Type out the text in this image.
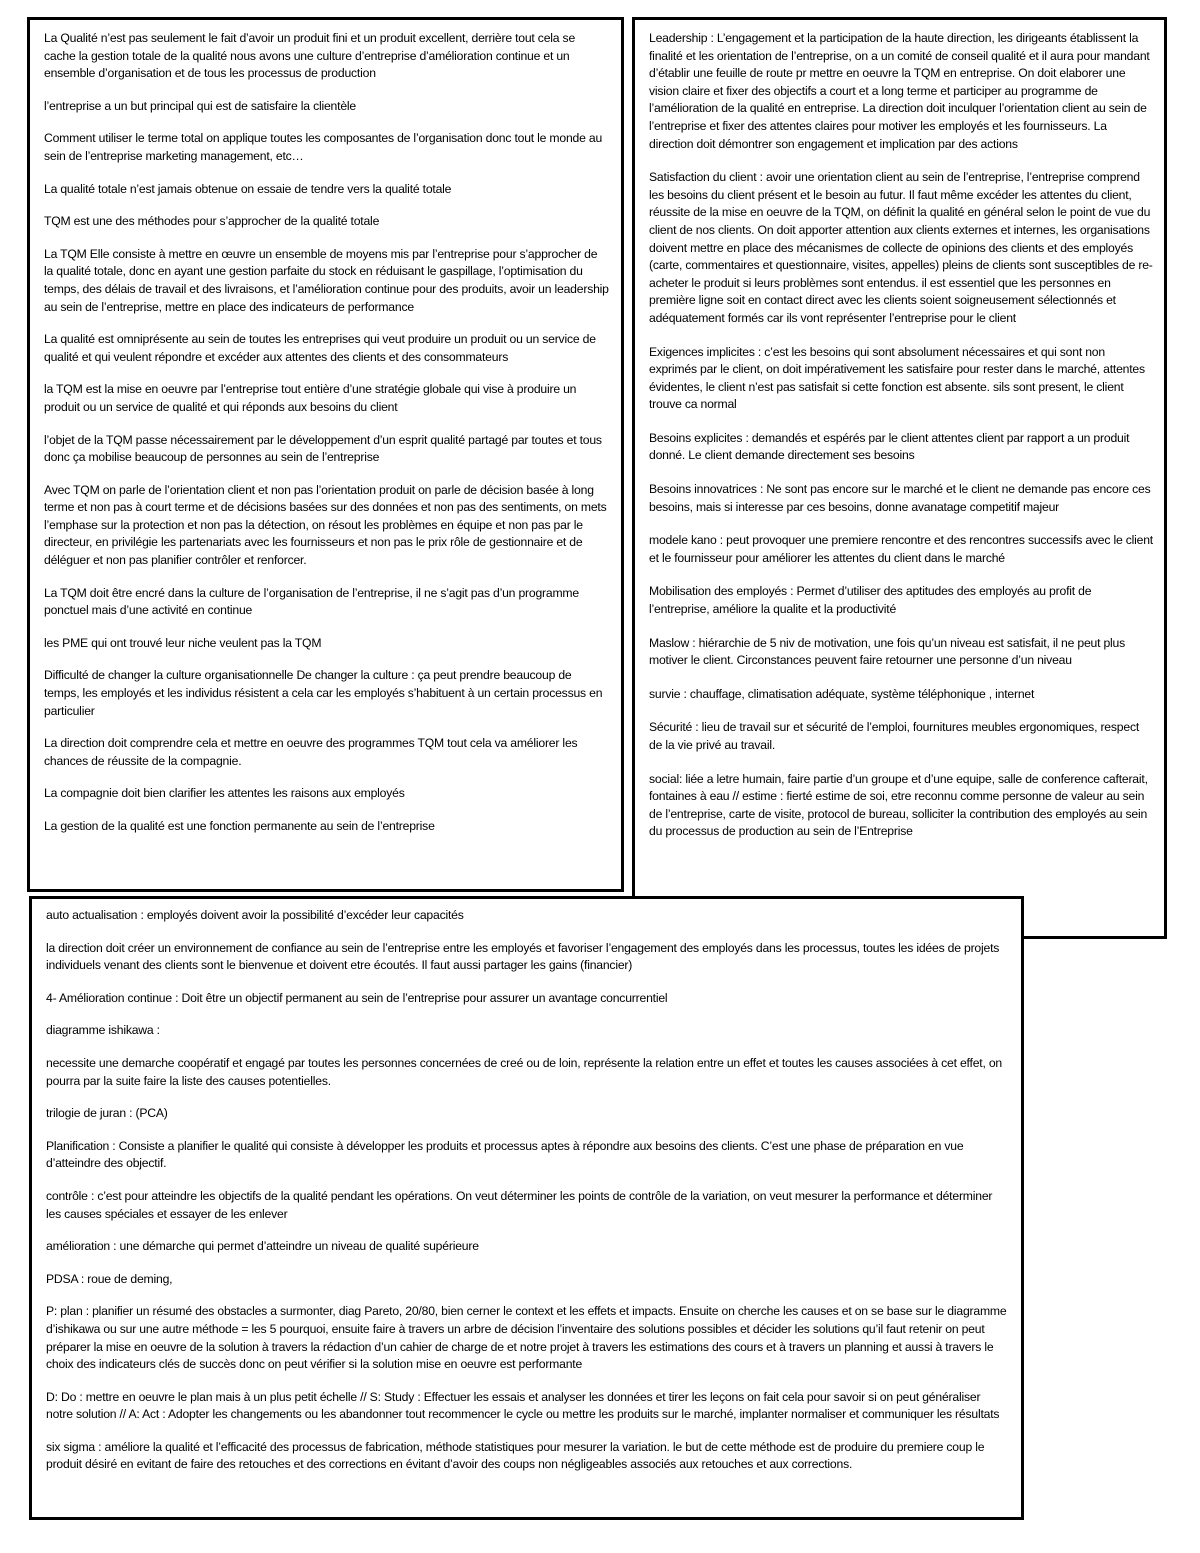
La Qualité n’est pas seulement le fait d’avoir un produit fini et un produit excellent, derrière tout cela se cache la gestion totale de la qualité nous avons une culture d’entreprise d’amélioration continue et un ensemble d’organisation et de tous les processus de production

l’entreprise a un but principal qui est de satisfaire la clientèle

Comment utiliser le terme total on applique toutes les composantes de l’organisation donc tout le monde au sein de l’entreprise marketing management, etc…

La qualité totale n’est jamais obtenue on essaie de tendre vers la qualité totale

TQM est une des méthodes pour s’approcher de la qualité totale

La TQM Elle consiste à mettre en œuvre un ensemble de moyens mis par l’entreprise pour s’approcher de la qualité totale, donc en ayant une gestion parfaite du stock en réduisant le gaspillage, l’optimisation du temps, des délais de travail et des livraisons, et l’amélioration continue pour des produits, avoir un leadership au sein de l’entreprise, mettre en place des indicateurs de performance

La qualité est omniprésente au sein de toutes les entreprises qui veut produire un produit ou un service de qualité et qui veulent répondre et excéder aux attentes des clients et des consommateurs

la TQM est la mise en oeuvre par l’entreprise tout entière d’une stratégie globale qui vise à produire un produit ou un service de qualité et qui réponds aux besoins du client

l’objet de la TQM passe nécessairement par le développement d’un esprit qualité partagé par toutes et tous donc ça mobilise beaucoup de personnes au sein de l’entreprise

Avec TQM on parle de l’orientation client et non pas l’orientation produit on parle de décision basée à long terme et non pas à court terme et de décisions basées sur des données et non pas des sentiments, on mets l’emphase sur la protection et non pas la détection, on résout les problèmes en équipe et non pas par le directeur, en privilégie les partenariats avec les fournisseurs et non pas le prix rôle de gestionnaire et de déléguer et non pas planifier contrôler et renforcer.

La TQM doit être encré dans la culture de l’organisation de l’entreprise, il ne s’agit pas d’un programme ponctuel mais d’une activité en continue

les PME qui ont trouvé leur niche veulent pas la TQM

Difficulté de changer la culture organisationnelle De changer la culture : ça peut prendre beaucoup de temps, les employés et les individus résistent a cela car les employés s’habituent à un certain processus en particulier

La direction doit comprendre cela et mettre en oeuvre des programmes TQM tout cela va améliorer les chances de réussite de la compagnie.

La compagnie doit bien clarifier les attentes les raisons aux employés

La gestion de la qualité est une fonction permanente au sein de l’entreprise

Leadership : L’engagement et la participation de la haute direction, les dirigeants établissent la finalité et les orientation de l’entreprise, on a un comité de conseil qualité et il aura pour mandant d’établir une feuille de route pr mettre en oeuvre la TQM en entreprise. On doit elaborer une vision claire et fixer des objectifs a court et a long terme et participer au programme de l’amélioration de la qualité en entreprise. La direction doit inculquer l’orientation client au sein de l’entreprise et fixer des attentes claires pour motiver les employés et les fournisseurs. La direction doit démontrer son engagement et implication par des actions

Satisfaction du client : avoir une orientation client au sein de l’entreprise, l’entreprise comprend les besoins du client présent et le besoin au futur. Il faut même excéder les attentes du client, réussite de la mise en oeuvre de la TQM, on définit la qualité en général selon le point de vue du client de nos clients. On doit apporter attention aux clients externes et internes, les organisations doivent mettre en place des mécanismes de collecte de opinions des clients et des employés (carte, commentaires et questionnaire, visites, appelles) pleins de clients sont susceptibles de re-acheter le produit si leurs problèmes sont entendus. il est essentiel que les personnes en première ligne soit en contact direct avec les clients soient soigneusement sélectionnés et adéquatement formés car ils vont représenter l’entreprise pour le client

Exigences implicites : c’est les besoins qui sont absolument nécessaires et qui sont non exprimés par le client, on doit impérativement les satisfaire pour rester dans le marché, attentes évidentes, le client n’est pas satisfait si cette fonction est absente. sils sont present, le client trouve ca normal

Besoins explicites : demandés et espérés par le client attentes client par rapport a un produit donné. Le client demande directement ses besoins

Besoins innovatrices : Ne sont pas encore sur le marché et le client ne demande pas encore ces besoins, mais si interesse par ces besoins, donne avanatage competitif majeur

modele kano : peut provoquer une premiere rencontre et des rencontres successifs avec le client et le fournisseur pour améliorer les attentes du client dans le marché

Mobilisation des employés : Permet d’utiliser des aptitudes des employés au profit de l’entreprise, améliore la qualite et la productivité

Maslow : hiérarchie de 5 niv de motivation, une fois qu’un niveau est satisfait, il ne peut plus motiver le client. Circonstances peuvent faire retourner une personne d’un niveau

survie : chauffage, climatisation adéquate, système téléphonique , internet

Sécurité : lieu de travail sur et sécurité de l’emploi, fournitures meubles ergonomiques, respect de la vie privé au travail.

social: liée a letre humain, faire partie d’un groupe et d’une equipe, salle de conference cafterait, fontaines à eau // estime : fierté estime de soi, etre reconnu comme personne de valeur au sein de l’entreprise, carte de visite, protocol de bureau, solliciter la contribution des employés au sein du processus de production au sein de l’Entreprise

auto actualisation : employés doivent avoir la possibilité d’excéder leur capacités

la direction doit créer un environnement de confiance au sein de l’entreprise entre les employés et favoriser l’engagement des employés dans les processus, toutes les idées de projets individuels venant des clients sont le bienvenue et doivent etre écoutés. Il faut aussi partager les gains (financier)

4- Amélioration continue : Doit être un objectif permanent au sein de l’entreprise pour assurer un avantage concurrentiel

diagramme ishikawa :

necessite une demarche coopératif et engagé par toutes les personnes concernées de creé ou de loin, représente la relation entre un effet et toutes les causes associées à cet effet, on pourra par la suite faire la liste des causes potentielles.

trilogie de juran : (PCA)

Planification : Consiste a planifier le qualité qui consiste à développer les produits et processus aptes à répondre aux besoins des clients. C’est une phase de préparation en vue d’atteindre des objectif.

contrôle : c’est pour atteindre les objectifs de la qualité pendant les opérations. On veut déterminer les points de contrôle de la variation, on veut mesurer la performance et déterminer les causes spéciales et essayer de les enlever

amélioration : une démarche qui permet d’atteindre un niveau de qualité supérieure

PDSA : roue de deming,

P: plan : planifier un résumé des obstacles a surmonter, diag Pareto, 20/80, bien cerner le context et les effets et impacts. Ensuite on cherche les causes et on se base sur le diagramme d’ishikawa ou sur une autre méthode = les 5 pourquoi, ensuite faire à travers un arbre de décision l’inventaire des solutions possibles et décider les solutions qu’il faut retenir on peut préparer la mise en oeuvre de la solution à travers la rédaction d’un cahier de charge de et notre projet à travers les estimations des cours et à travers un planning et aussi à travers le choix des indicateurs clés de succès donc on peut vérifier si la solution mise en oeuvre est performante

D: Do : mettre en oeuvre le plan mais à un plus petit échelle // S: Study : Effectuer les essais et analyser les données et tirer les leçons on fait cela pour savoir si on peut généraliser notre solution // A: Act : Adopter les changements ou les abandonner tout recommencer le cycle ou mettre les produits sur le marché, implanter normaliser et communiquer les résultats

six sigma : améliore la qualité et l’efficacité des processus de fabrication, méthode statistiques pour mesurer la variation. le but de cette méthode est de produire du premiere coup le produit désiré en evitant de faire des retouches et des corrections en évitant d’avoir des coups non négligeables associés aux retouches et aux corrections.
